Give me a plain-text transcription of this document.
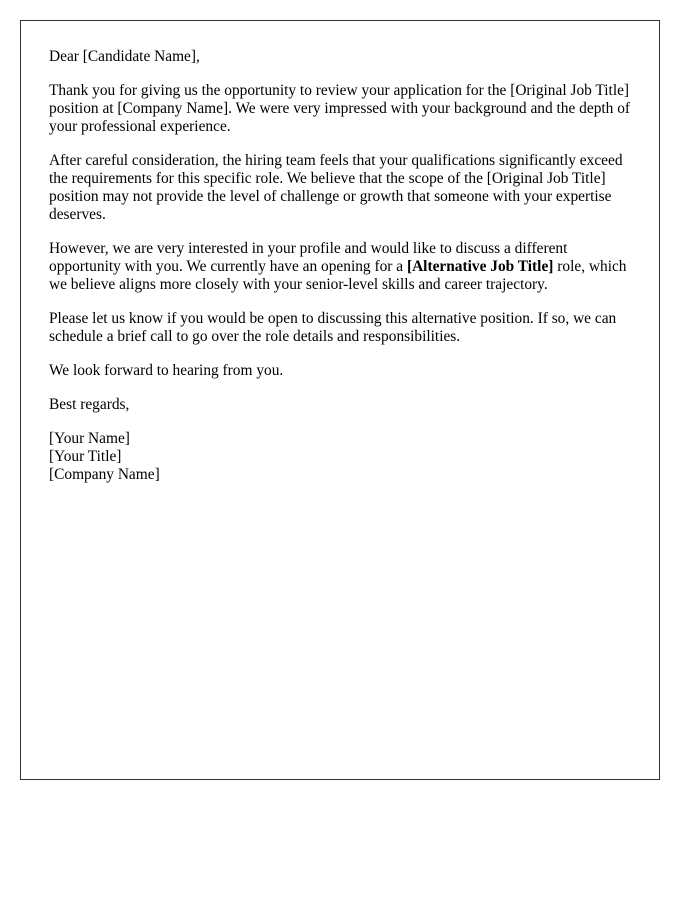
Dear [Candidate Name],

Thank you for giving us the opportunity to review your application for the [Original Job Title] position at [Company Name]. We were very impressed with your background and the depth of your professional experience.

After careful consideration, the hiring team feels that your qualifications significantly exceed the requirements for this specific role. We believe that the scope of the [Original Job Title] position may not provide the level of challenge or growth that someone with your expertise deserves.

However, we are very interested in your profile and would like to discuss a different opportunity with you. We currently have an opening for a [Alternative Job Title] role, which we believe aligns more closely with your senior-level skills and career trajectory.

Please let us know if you would be open to discussing this alternative position. If so, we can schedule a brief call to go over the role details and responsibilities.

We look forward to hearing from you.

Best regards,

[Your Name]
[Your Title]
[Company Name]
